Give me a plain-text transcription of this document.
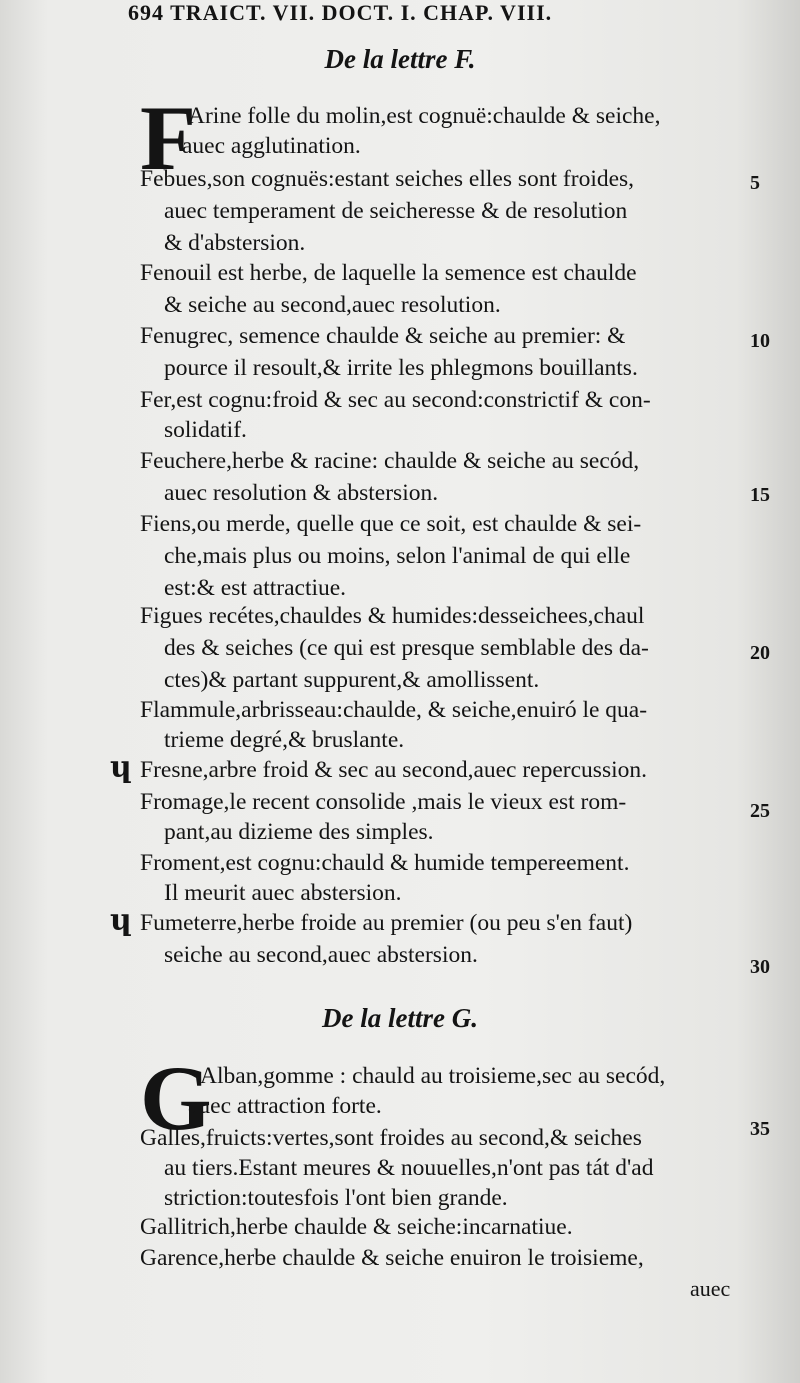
694 TRAICT. VII. DOCT. I. CHAP. VIII.
De la lettre F.
F
Arine folle du molin,est cognuë:chaulde & seiche,
auec agglutination.
Febues,son cognuës:estant seiches elles sont froides,
auec temperament de seicheresse & de resolution
& d'abstersion.
Fenouil est herbe, de laquelle la semence est chaulde
& seiche au second,auec resolution.
Fenugrec, semence chaulde & seiche au premier: &
pource il resoult,& irrite les phlegmons bouillants.
Fer,est cognu:froid & sec au second:constrictif & con-
solidatif.
Feuchere,herbe & racine: chaulde & seiche au secód,
auec resolution & abstersion.
Fiens,ou merde, quelle que ce soit, est chaulde & sei-
che,mais plus ou moins, selon l'animal de qui elle
est:& est attractiue.
Figues recétes,chauldes & humides:desseichees,chaul
des & seiches (ce qui est presque semblable des da-
ctes)& partant suppurent,& amollissent.
Flammule,arbrisseau:chaulde, & seiche,enuiró le qua-
trieme degré,& bruslante.
ɥ Fresne,arbre froid & sec au second,auec repercussion.
Fromage,le recent consolide ,mais le vieux est rom-
pant,au dizieme des simples.
Froment,est cognu:chauld & humide tempereement.
Il meurit auec abstersion.
ɥ Fumeterre,herbe froide au premier (ou peu s'en faut)
seiche au second,auec abstersion.
De la lettre G.
G
Alban,gomme : chauld au troisieme,sec au secód,
auec attraction forte.
Galles,fruicts:vertes,sont froides au second,& seiches
au tiers.Estant meures & nouuelles,n'ont pas tát d'ad
striction:toutesfois l'ont bien grande.
Gallitrich,herbe chaulde & seiche:incarnatiue.
Garence,herbe chaulde & seiche enuiron le troisieme,
auec
5
10
15
20
25
30
35
